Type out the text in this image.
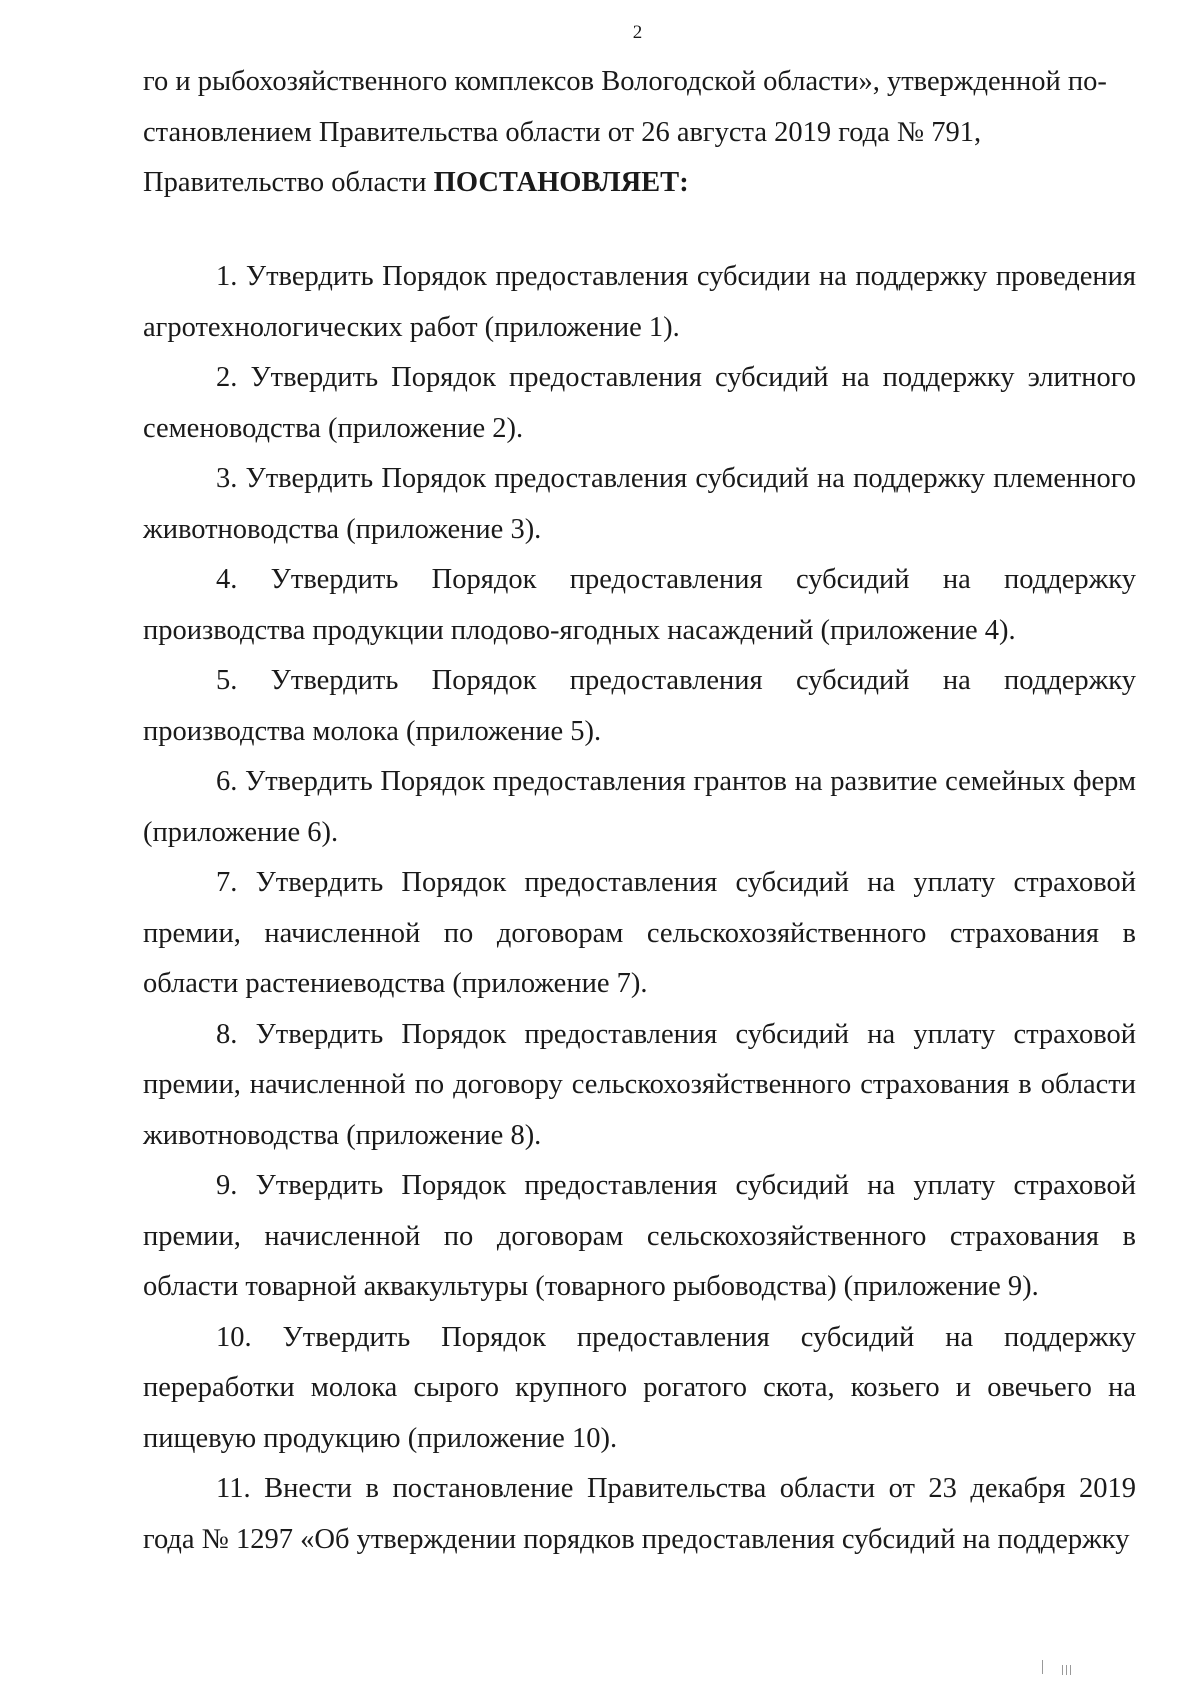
2

го и рыбохозяйственного комплексов Вологодской области», утвержденной по-

становлением Правительства области от 26 августа 2019 года № 791,

Правительство области ПОСТАНОВЛЯЕТ:

1. Утвердить Порядок предоставления субсидии на поддержку проведения агротехнологических работ (приложение 1).

2. Утвердить Порядок предоставления субсидий на поддержку элитного семеноводства (приложение 2).

3. Утвердить Порядок предоставления субсидий на поддержку племенного животноводства (приложение 3).

4. Утвердить Порядок предоставления субсидий на поддержку производства продукции плодово-ягодных насаждений (приложение 4).

5. Утвердить Порядок предоставления субсидий на поддержку производства молока (приложение 5).

6. Утвердить Порядок предоставления грантов на развитие семейных ферм (приложение 6).

7. Утвердить Порядок предоставления субсидий на уплату страховой премии, начисленной по договорам сельскохозяйственного страхования в области растениеводства (приложение 7).

8. Утвердить Порядок предоставления субсидий на уплату страховой премии, начисленной по договору сельскохозяйственного страхования в области животноводства (приложение 8).

9. Утвердить Порядок предоставления субсидий на уплату страховой премии, начисленной по договорам сельскохозяйственного страхования в области товарной аквакультуры (товарного рыбоводства) (приложение 9).

10. Утвердить Порядок предоставления субсидий на поддержку переработки молока сырого крупного рогатого скота, козьего и овечьего на пищевую продукцию (приложение 10).

11. Внести в постановление Правительства области от 23 декабря 2019 года № 1297 «Об утверждении порядков предоставления субсидий на поддержку
